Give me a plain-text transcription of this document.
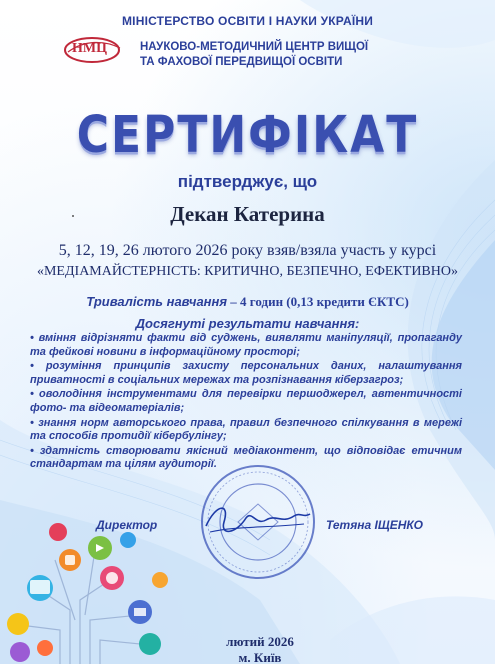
МІНІСТЕРСТВО ОСВІТИ І НАУКИ УКРАЇНИ
НМЦ	НАУКОВО-МЕТОДИЧНИЙ ЦЕНТР ВИЩОЇ
ТА ФАХОВОЇ ПЕРЕДВИЩОЇ ОСВІТИ
СЕРТИФІКАТ
підтверджує, що
Декан Катерина
5, 12, 19, 26 лютого 2026 року взяв/взяла участь у курсі
«МЕДІАМАЙСТЕРНІСТЬ: КРИТИЧНО, БЕЗПЕЧНО, ЕФЕКТИВНО»
Тривалість навчання – 4 годин (0,13 кредити ЄКТС)
Досягнуті результати навчання:

• вміння відрізняти факти від суджень, виявляти маніпуляції, пропаганду та фейкові новини в інформаційному просторі;

• розуміння принципів захисту персональних даних, налаштування приватності в соціальних мережах та розпізнавання кіберзагроз;

• оволодіння інструментами для перевірки першоджерел, автентичності фото- та відеоматеріалів;

• знання норм авторського права, правил безпечного спілкування в мережі та способів протидії кібербулінгу;

• здатність створювати якісний медіаконтент, що відповідає етичним стандартам та цілям аудиторії.

Директор	Тетяна ІЩЕНКО
лютий 2026
м. Київ
